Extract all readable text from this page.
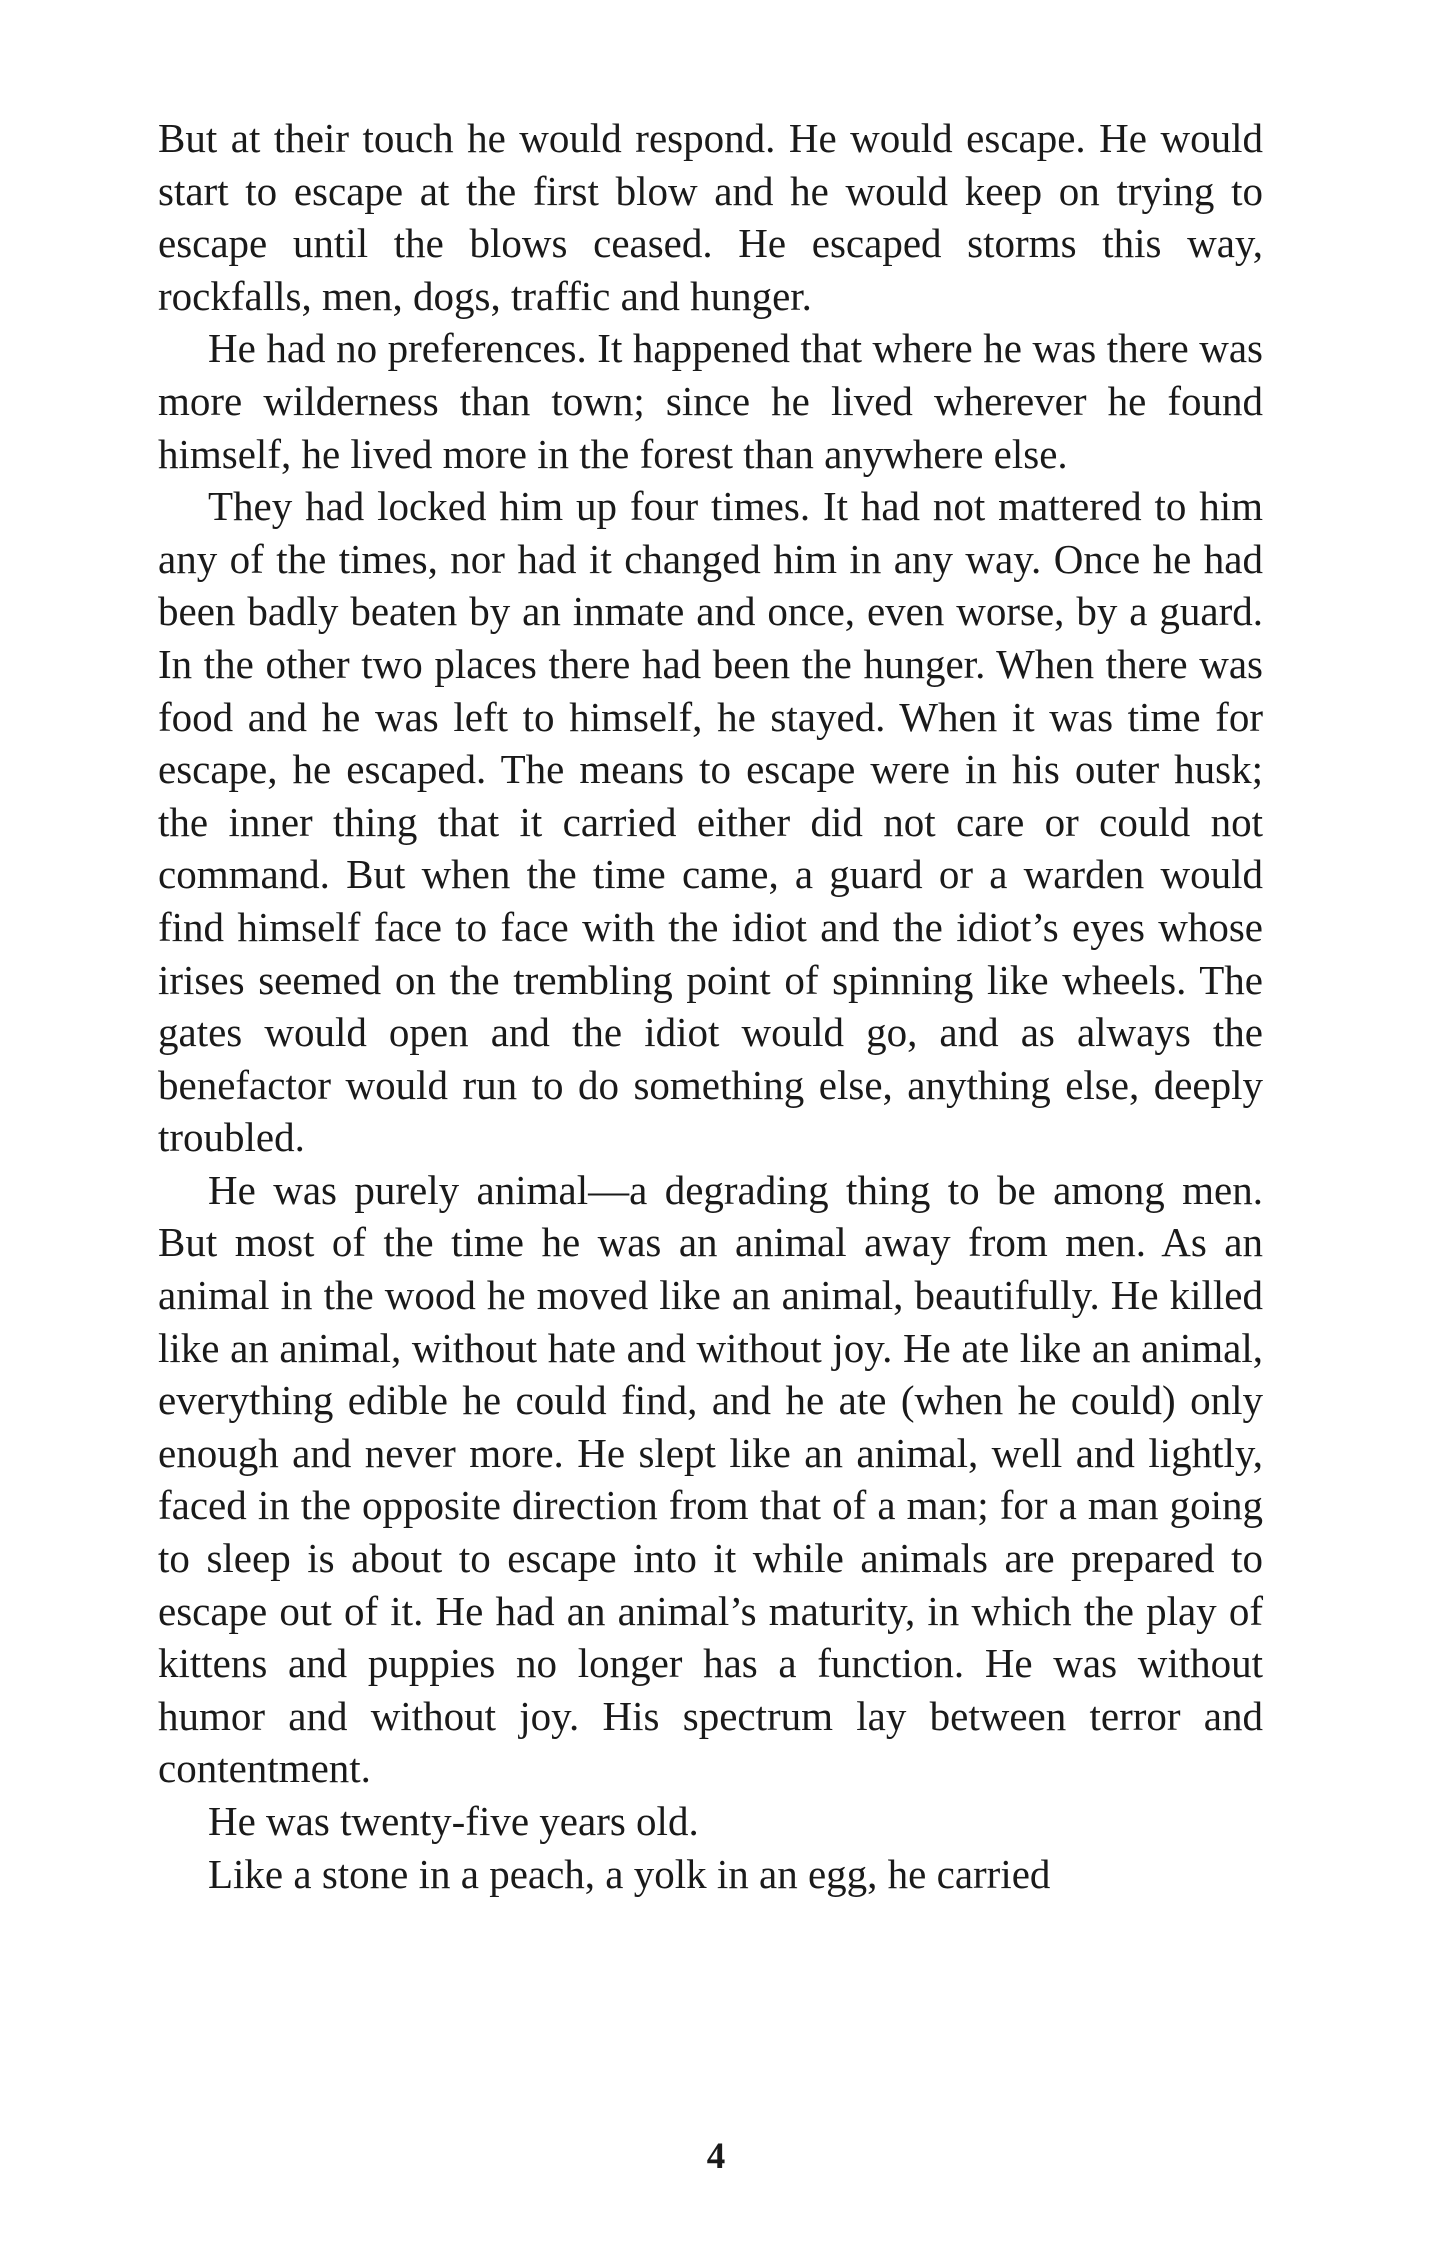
But at their touch he would respond. He would escape. He would start to escape at the first blow and he would keep on trying to escape until the blows ceased. He escaped storms this way, rockfalls, men, dogs, traffic and hunger.

He had no preferences. It happened that where he was there was more wilderness than town; since he lived wherever he found himself, he lived more in the forest than anywhere else.

They had locked him up four times. It had not mattered to him any of the times, nor had it changed him in any way. Once he had been badly beaten by an inmate and once, even worse, by a guard. In the other two places there had been the hunger. When there was food and he was left to himself, he stayed. When it was time for escape, he escaped. The means to escape were in his outer husk; the inner thing that it carried either did not care or could not command. But when the time came, a guard or a warden would find himself face to face with the idiot and the idiot’s eyes whose irises seemed on the trembling point of spinning like wheels. The gates would open and the idiot would go, and as always the benefactor would run to do something else, anything else, deeply troubled.

He was purely animal—a degrading thing to be among men. But most of the time he was an animal away from men. As an animal in the wood he moved like an animal, beautifully. He killed like an animal, without hate and without joy. He ate like an animal, everything edible he could find, and he ate (when he could) only enough and never more. He slept like an animal, well and lightly, faced in the opposite direction from that of a man; for a man going to sleep is about to escape into it while animals are prepared to escape out of it. He had an animal’s maturity, in which the play of kittens and puppies no longer has a function. He was without humor and without joy. His spectrum lay between terror and contentment.

He was twenty-five years old.

Like a stone in a peach, a yolk in an egg, he carried

4
